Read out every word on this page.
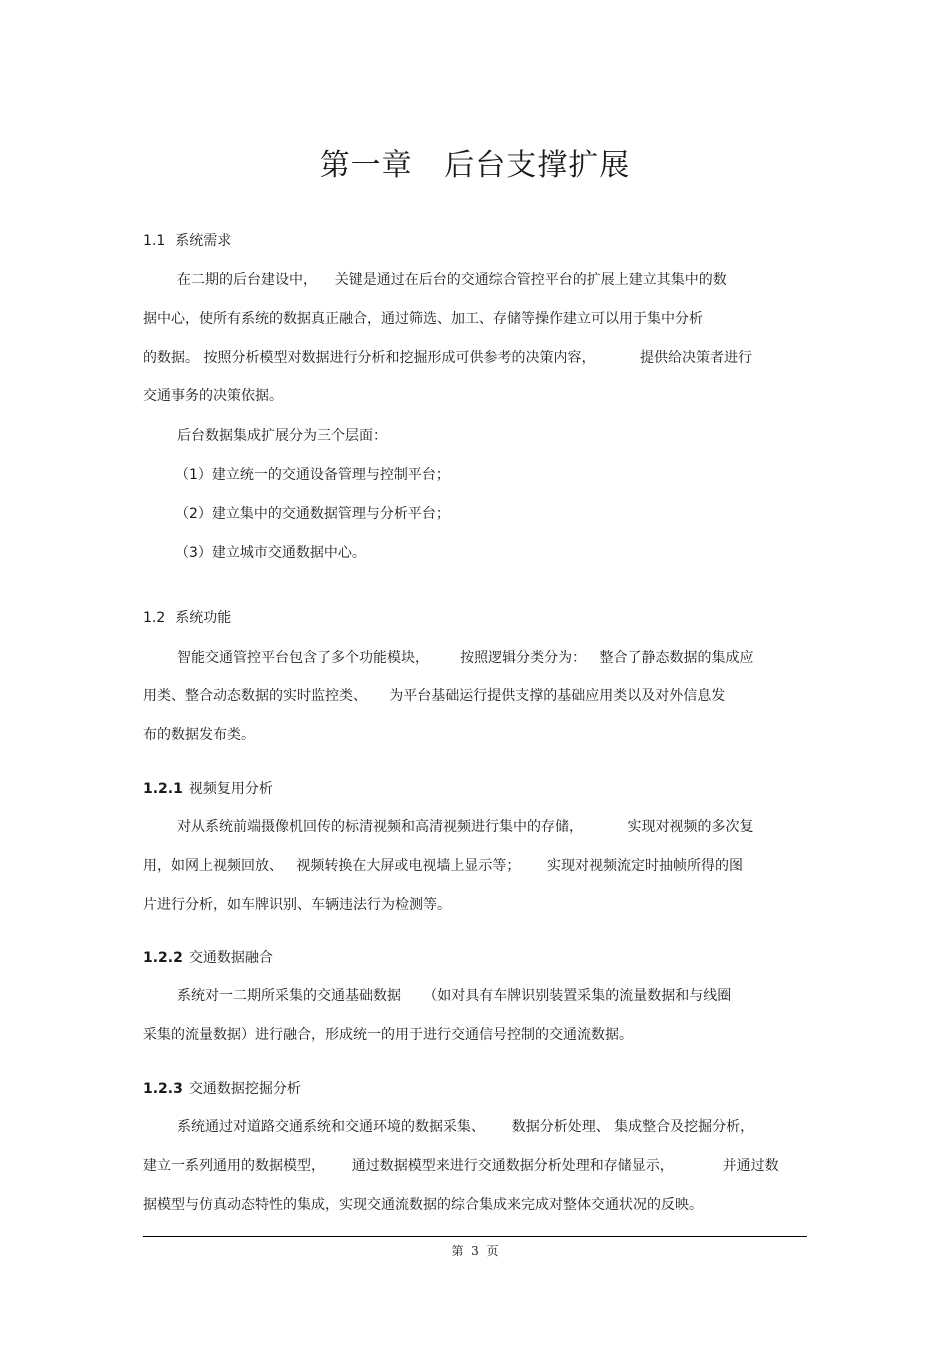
第一章   后台支撑扩展
1.1 系统需求
在二期的后台建设中，    关键是通过在后台的交通综合管控平台的扩展上建立其集中的数
据中心，使所有系统的数据真正融合，通过筛选、加工、存储等操作建立可以用于集中分析
的数据。 按照分析模型对数据进行分析和挖掘形成可供参考的决策内容，          提供给决策者进行
交通事务的决策依据。
后台数据集成扩展分为三个层面：
（1）建立统一的交通设备管理与控制平台；
（2）建立集中的交通数据管理与分析平台；
（3）建立城市交通数据中心。
1.2 系统功能
智能交通管控平台包含了多个功能模块，       按照逻辑分类分为：   整合了静态数据的集成应
用类、整合动态数据的实时监控类、     为平台基础运行提供支撑的基础应用类以及对外信息发
布的数据发布类。
1.2.1 视频复用分析
对从系统前端摄像机回传的标清视频和高清视频进行集中的存储，          实现对视频的多次复
用，如网上视频回放、   视频转换在大屏或电视墙上显示等；      实现对视频流定时抽帧所得的图
片进行分析，如车牌识别、车辆违法行为检测等。
1.2.2 交通数据融合
系统对一二期所采集的交通基础数据     （如对具有车牌识别装置采集的流量数据和与线圈
采集的流量数据）进行融合，形成统一的用于进行交通信号控制的交通流数据。
1.2.3 交通数据挖掘分析
系统通过对道路交通系统和交通环境的数据采集、      数据分析处理、 集成整合及挖掘分析，
建立一系列通用的数据模型，      通过数据模型来进行交通数据分析处理和存储显示，           并通过数
据模型与仿真动态特性的集成，实现交通流数据的综合集成来完成对整体交通状况的反映。
第  3  页
